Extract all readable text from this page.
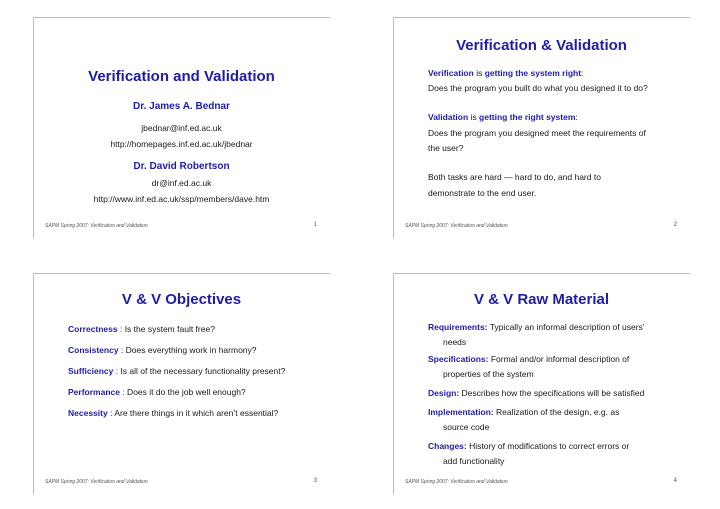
Verification and Validation
Dr. James A. Bednar
jbednar@inf.ed.ac.uk
http://homepages.inf.ed.ac.uk/jbednar
Dr. David Robertson
dr@inf.ed.ac.uk
http://www.inf.ed.ac.uk/ssp/members/dave.htm
SAPM Spring 2007: Verification and Validation	1
Verification & Validation
Verification is getting the system right:
Does the program you built do what you designed it to do?
Validation is getting the right system:
Does the program you designed meet the requirements of
the user?
Both tasks are hard — hard to do, and hard to
demonstrate to the end user.
SAPM Spring 2007: Verification and Validation	2
V & V Objectives
Correctness : Is the system fault free?
Consistency : Does everything work in harmony?
Sufficiency : Is all of the necessary functionality present?
Performance : Does it do the job well enough?
Necessity : Are there things in it which aren’t essential?
SAPM Spring 2007: Verification and Validation	3
V & V Raw Material
Requirements: Typically an informal description of users’
needs
Specifications: Formal and/or informal description of
properties of the system
Design: Describes how the specifications will be satisfied
Implementation: Realization of the design, e.g. as
source code
Changes: History of modifications to correct errors or
add functionality
SAPM Spring 2007: Verification and Validation	4
